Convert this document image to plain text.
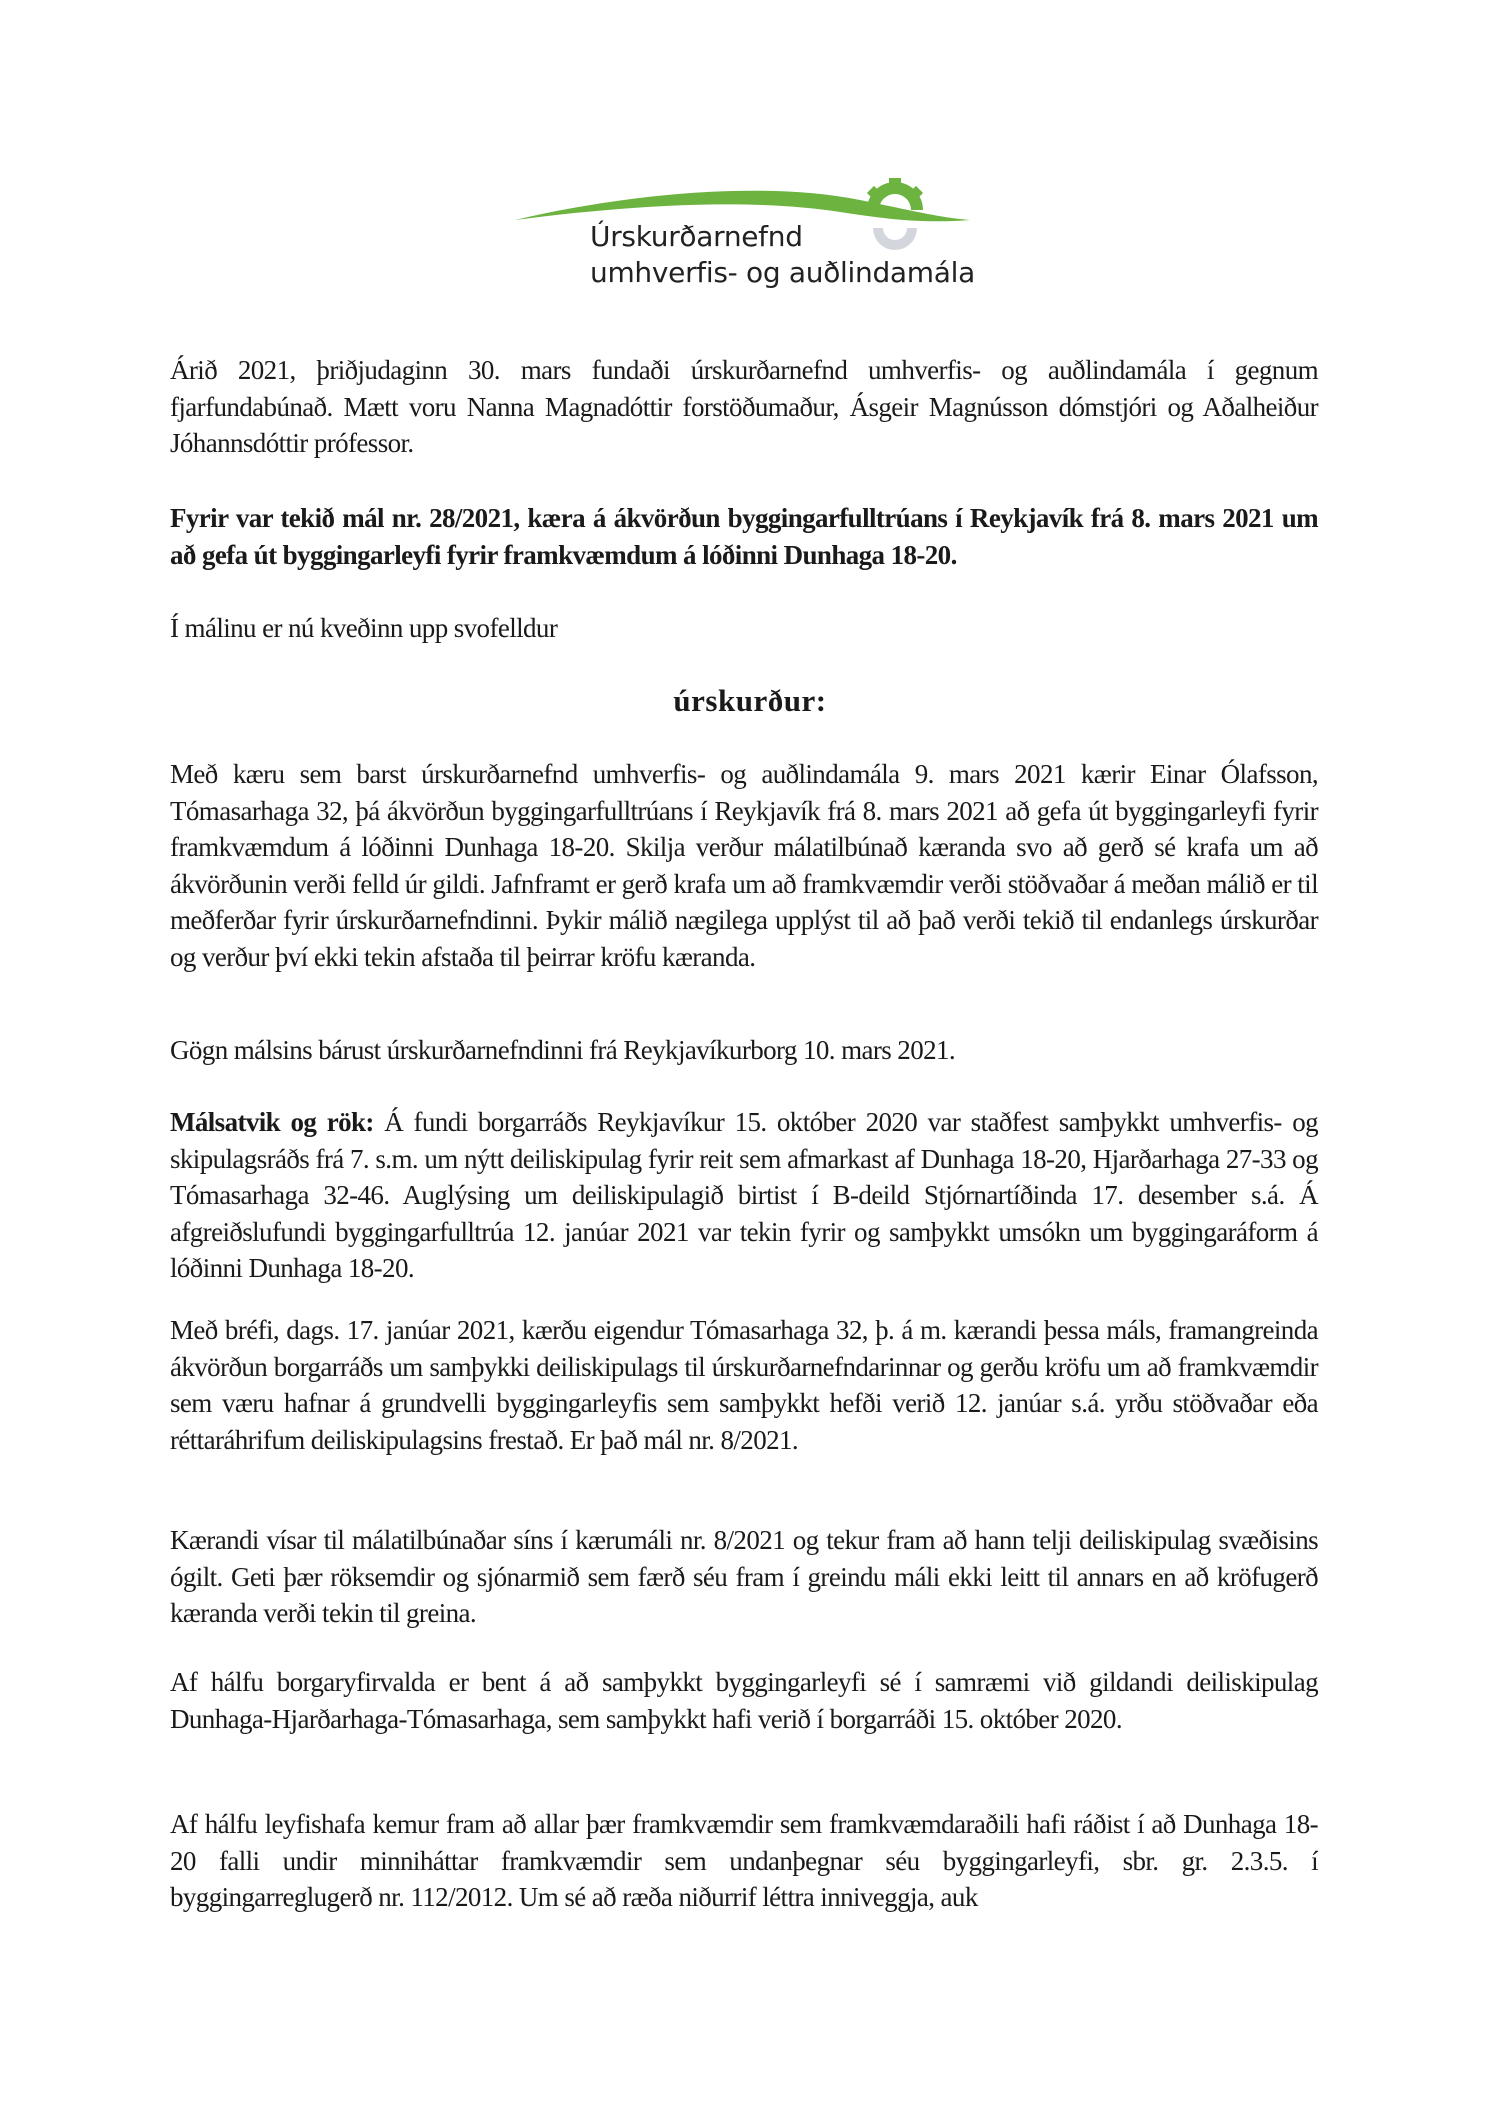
Úrskurðarnefnd
umhverfis- og auðlindamála

Árið 2021, þriðjudaginn 30. mars fundaði úrskurðarnefnd umhverfis- og auðlindamála í gegnum fjarfundabúnað. Mætt voru Nanna Magnadóttir forstöðumaður, Ásgeir Magnússon dómstjóri og Aðalheiður Jóhannsdóttir prófessor.

Fyrir var tekið mál nr. 28/2021, kæra á ákvörðun byggingarfulltrúans í Reykjavík frá 8. mars 2021 um að gefa út byggingarleyfi fyrir framkvæmdum á lóðinni Dunhaga 18-20.

Í málinu er nú kveðinn upp svofelldur

úrskurður:

Með kæru sem barst úrskurðarnefnd umhverfis- og auðlindamála 9. mars 2021 kærir Einar Ólafsson, Tómasarhaga 32, þá ákvörðun byggingarfulltrúans í Reykjavík frá 8. mars 2021 að gefa út byggingarleyfi fyrir framkvæmdum á lóðinni Dunhaga 18-20. Skilja verður málatilbúnað kæranda svo að gerð sé krafa um að ákvörðunin verði felld úr gildi. Jafnframt er gerð krafa um að framkvæmdir verði stöðvaðar á meðan málið er til meðferðar fyrir úrskurðarnefndinni. Þykir málið nægilega upplýst til að það verði tekið til endanlegs úrskurðar og verður því ekki tekin afstaða til þeirrar kröfu kæranda.

Gögn málsins bárust úrskurðarnefndinni frá Reykjavíkurborg 10. mars 2021.

Málsatvik og rök: Á fundi borgarráðs Reykjavíkur 15. október 2020 var staðfest samþykkt umhverfis- og skipulagsráðs frá 7. s.m. um nýtt deiliskipulag fyrir reit sem afmarkast af Dunhaga 18-20, Hjarðarhaga 27-33 og Tómasarhaga 32-46. Auglýsing um deiliskipulagið birtist í B-deild Stjórnartíðinda 17. desember s.á. Á afgreiðslufundi byggingarfulltrúa 12. janúar 2021 var tekin fyrir og samþykkt umsókn um byggingaráform á lóðinni Dunhaga 18-20.

Með bréfi, dags. 17. janúar 2021, kærðu eigendur Tómasarhaga 32, þ. á m. kærandi þessa máls, framangreinda ákvörðun borgarráðs um samþykki deiliskipulags til úrskurðarnefndarinnar og gerðu kröfu um að framkvæmdir sem væru hafnar á grundvelli byggingarleyfis sem samþykkt hefði verið 12. janúar s.á. yrðu stöðvaðar eða réttaráhrifum deiliskipulagsins frestað. Er það mál nr. 8/2021.

Kærandi vísar til málatilbúnaðar síns í kærumáli nr. 8/2021 og tekur fram að hann telji deiliskipulag svæðisins ógilt. Geti þær röksemdir og sjónarmið sem færð séu fram í greindu máli ekki leitt til annars en að kröfugerð kæranda verði tekin til greina.

Af hálfu borgaryfirvalda er bent á að samþykkt byggingarleyfi sé í samræmi við gildandi deiliskipulag Dunhaga-Hjarðarhaga-Tómasarhaga, sem samþykkt hafi verið í borgarráði 15. október 2020.

Af hálfu leyfishafa kemur fram að allar þær framkvæmdir sem framkvæmdaraðili hafi ráðist í að Dunhaga 18-20 falli undir minniháttar framkvæmdir sem undanþegnar séu byggingarleyfi, sbr. gr. 2.3.5. í byggingarreglugerð nr. 112/2012. Um sé að ræða niðurrif léttra inniveggja, auk
